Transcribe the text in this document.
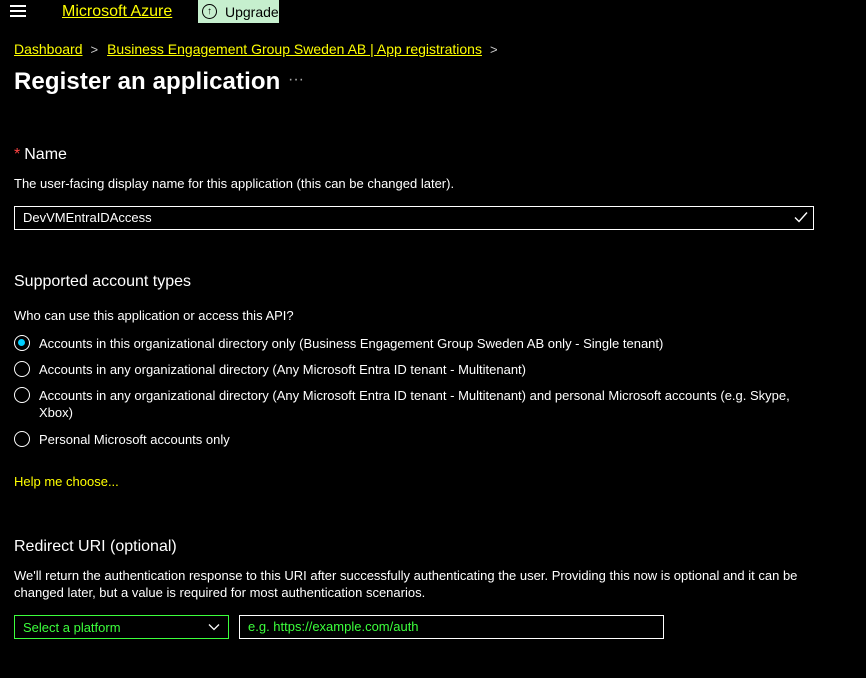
Microsoft Azure	↑ Upgrade
Dashboard > Business Engagement Group Sweden AB | App registrations >
Register an application ···
* Name
The user-facing display name for this application (this can be changed later).
DevVMEntraIDAccess
Supported account types
Who can use this application or access this API?
Accounts in this organizational directory only (Business Engagement Group Sweden AB only - Single tenant)
Accounts in any organizational directory (Any Microsoft Entra ID tenant - Multitenant)
Accounts in any organizational directory (Any Microsoft Entra ID tenant - Multitenant) and personal Microsoft accounts (e.g. Skype, Xbox)
Personal Microsoft accounts only
Help me choose...
Redirect URI (optional)
We'll return the authentication response to this URI after successfully authenticating the user. Providing this now is optional and it can be changed later, but a value is required for most authentication scenarios.
Select a platform	e.g. https://example.com/auth
